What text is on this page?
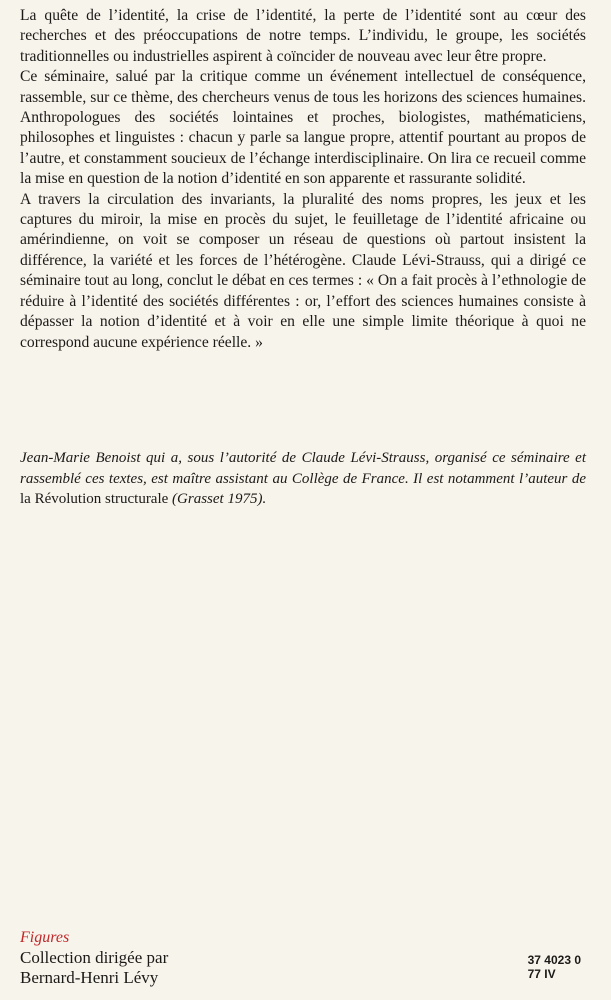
La quête de l’identité, la crise de l’identité, la perte de l’identité sont au cœur des recherches et des préoccupations de notre temps. L’individu, le groupe, les sociétés traditionnelles ou industrielles aspirent à coïncider de nouveau avec leur être propre.

Ce séminaire, salué par la critique comme un événement intellectuel de conséquence, rassemble, sur ce thème, des chercheurs venus de tous les horizons des sciences humaines. Anthropologues des sociétés lointaines et proches, biologistes, mathématiciens, philosophes et linguistes : chacun y parle sa langue propre, attentif pourtant au propos de l’autre, et constamment soucieux de l’échange interdisciplinaire. On lira ce recueil comme la mise en question de la notion d’identité en son apparente et rassurante solidité.

A travers la circulation des invariants, la pluralité des noms propres, les jeux et les captures du miroir, la mise en procès du sujet, le feuilletage de l’identité africaine ou amérindienne, on voit se composer un réseau de questions où partout insistent la différence, la variété et les forces de l’hétérogène. Claude Lévi-Strauss, qui a dirigé ce séminaire tout au long, conclut le débat en ces termes : « On a fait procès à l’ethnologie de réduire à l’identité des sociétés différentes : or, l’effort des sciences humaines consiste à dépasser la notion d’identité et à voir en elle une simple limite théorique à quoi ne correspond aucune expérience réelle. »

Jean-Marie Benoist qui a, sous l’autorité de Claude Lévi-Strauss, organisé ce séminaire et rassemblé ces textes, est maître assistant au Collège de France. Il est notamment l’auteur de la Révolution structurale (Grasset 1975).
Figures
Collection dirigée par
Bernard-Henri Lévy
37 4023 0
77 IV
